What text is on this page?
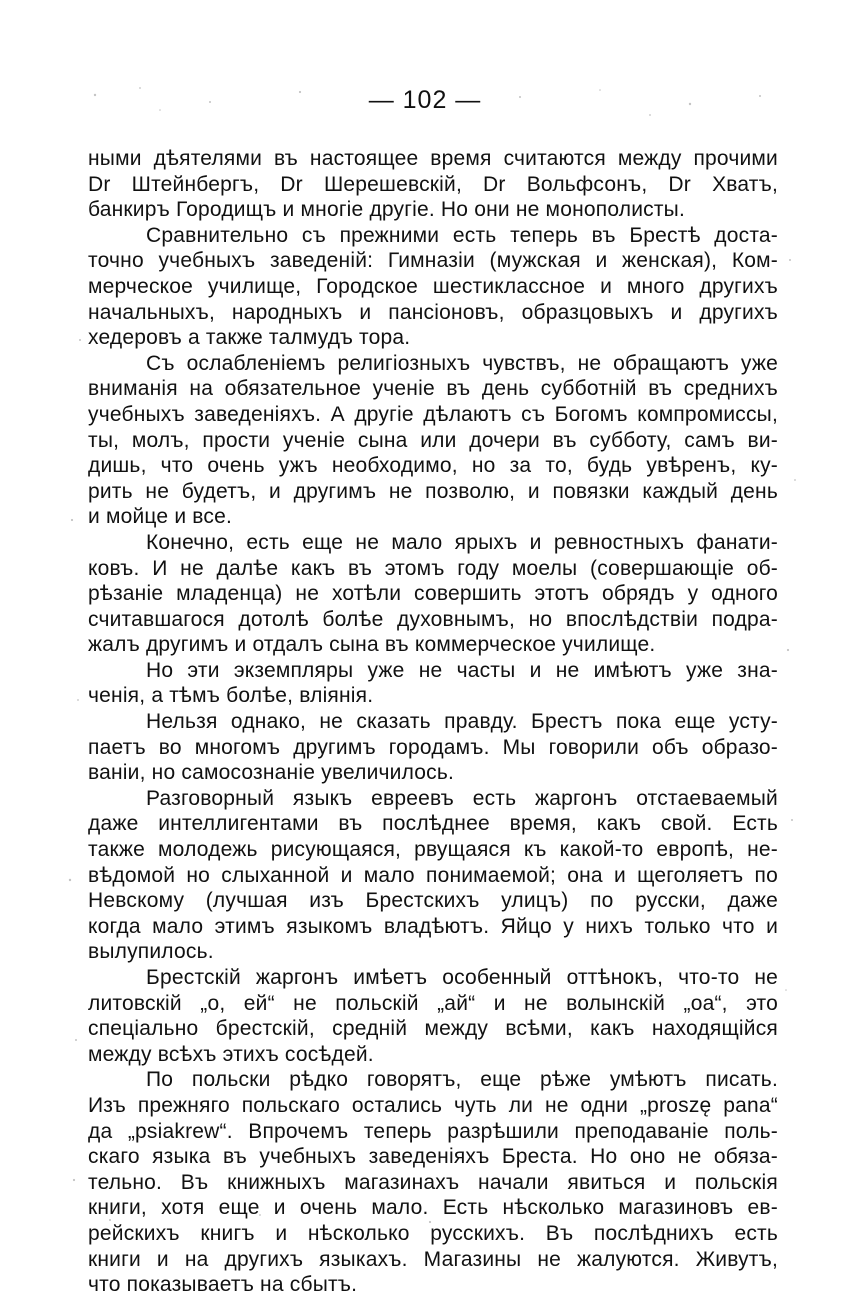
— 102 —
ными дѣятелями въ настоящее время считаются между прочими
Dr Штейнбергъ, Dr Шерешевскій, Dr Вольфсонъ, Dr Хватъ,
банкиръ Городищъ и многіе другіе. Но они не монополисты.
Сравнительно съ прежними есть теперь въ Брестѣ доста-
точно учебныхъ заведеній: Гимназіи (мужская и женская), Ком-
мерческое училище, Городское шестиклассное и много другихъ
начальныхъ, народныхъ и пансіоновъ, образцовыхъ и другихъ
хедеровъ а также талмудъ тора.
Съ ослабленіемъ религіозныхъ чувствъ, не обращаютъ уже
вниманія на обязательное ученіе въ день субботній въ среднихъ
учебныхъ заведеніяхъ. А другіе дѣлаютъ съ Богомъ компромиссы,
ты, молъ, прости ученіе сына или дочери въ субботу, самъ ви-
дишь, что очень ужъ необходимо, но за то, будь увѣренъ, ку-
рить не будетъ, и другимъ не позволю, и повязки каждый день
и мойце и все.
Конечно, есть еще не мало ярыхъ и ревностныхъ фанати-
ковъ. И не далѣе какъ въ этомъ году моелы (совершающіе об-
рѣзаніе младенца) не хотѣли совершить этотъ обрядъ у одного
считавшагося дотолѣ болѣе духовнымъ, но впослѣдствіи подра-
жалъ другимъ и отдалъ сына въ коммерческое училище.
Но эти экземпляры уже не часты и не имѣютъ уже зна-
ченія, а тѣмъ болѣе, вліянія.
Нельзя однако, не сказать правду. Брестъ пока еще усту-
паетъ во многомъ другимъ городамъ. Мы говорили объ образо-
ваніи, но самосознаніе увеличилось.
Разговорный языкъ евреевъ есть жаргонъ отстаеваемый
даже интеллигентами въ послѣднее время, какъ свой. Есть
также молодежь рисующаяся, рвущаяся къ какой-то европѣ, не-
вѣдомой но слыханной и мало понимаемой; она и щеголяетъ по
Невскому (лучшая изъ Брестскихъ улицъ) по русски, даже
когда мало этимъ языкомъ владѣютъ. Яйцо у нихъ только что и
вылупилось.
Брестскій жаргонъ имѣетъ особенный оттѣнокъ, что-то не
литовскій „о, ей“ не польскій „ай“ и не волынскій „оа“, это
спеціально брестскій, средній между всѣми, какъ находящійся
между всѣхъ этихъ сосѣдей.
По польски рѣдко говорятъ, еще рѣже умѣютъ писать.
Изъ прежняго польскаго остались чуть ли не одни „proszę pana“
да „psiakrew“. Впрочемъ теперь разрѣшили преподаваніе поль-
скаго языка въ учебныхъ заведеніяхъ Бреста. Но оно не обяза-
тельно. Въ книжныхъ магазинахъ начали явиться и польскія
книги, хотя еще и очень мало. Есть нѣсколько магазиновъ ев-
рейскихъ книгъ и нѣсколько русскихъ. Въ послѣднихъ есть
книги и на другихъ языкахъ. Магазины не жалуются. Живутъ,
что показываетъ на сбытъ.
